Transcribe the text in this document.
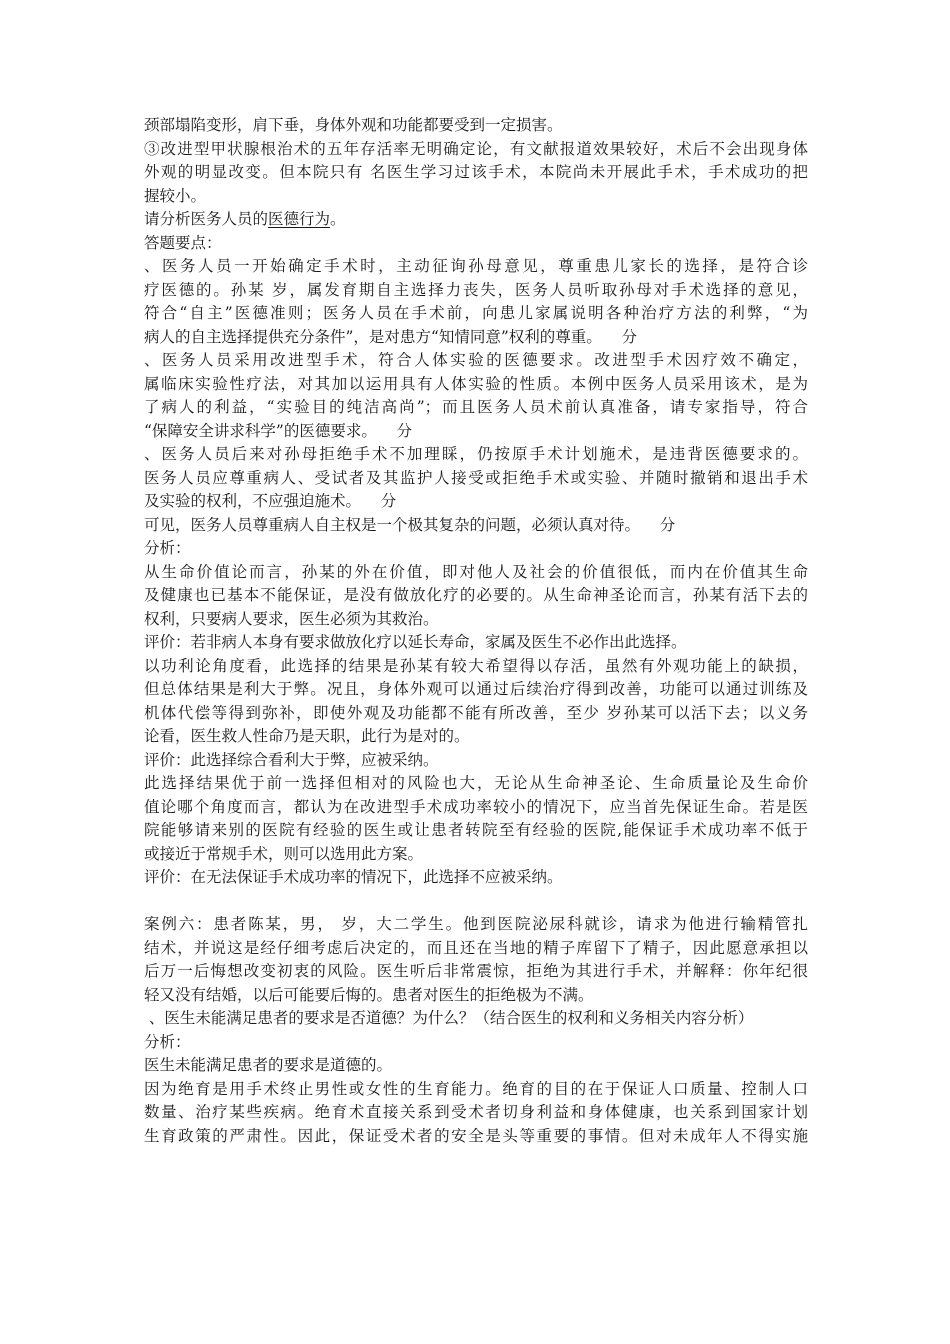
颈部塌陷变形，肩下垂，身体外观和功能都要受到一定损害。
③改进型甲状腺根治术的五年存活率无明确定论，有文献报道效果较好，术后不会出现身体
外观的明显改变。但本院只有 名医生学习过该手术，本院尚未开展此手术，手术成功的把
握较小。
请分析医务人员的医德行为。
答题要点：
、医务人员一开始确定手术时，主动征询孙母意见，尊重患儿家长的选择，是符合诊
疗医德的。孙某 岁，属发育期自主选择力丧失，医务人员听取孙母对手术选择的意见，
符合“自主”医德准则；医务人员在手术前，向患儿家属说明各种治疗方法的利弊，“为
病人的自主选择提供充分条件”，是对患方“知情同意”权利的尊重。    分
、医务人员采用改进型手术，符合人体实验的医德要求。改进型手术因疗效不确定，
属临床实验性疗法，对其加以运用具有人体实验的性质。本例中医务人员采用该术，是为
了病人的利益，“实验目的纯洁高尚”；而且医务人员术前认真准备，请专家指导，符合
“保障安全讲求科学”的医德要求。    分
、医务人员后来对孙母拒绝手术不加理睬，仍按原手术计划施术，是违背医德要求的。
医务人员应尊重病人、受试者及其监护人接受或拒绝手术或实验、并随时撤销和退出手术
及实验的权利，不应强迫施术。    分
可见，医务人员尊重病人自主权是一个极其复杂的问题，必须认真对待。    分
分析：
从生命价值论而言，孙某的外在价值，即对他人及社会的价值很低，而内在价值其生命
及健康也已基本不能保证，是没有做放化疗的必要的。从生命神圣论而言，孙某有活下去的
权利，只要病人要求，医生必须为其救治。
评价：若非病人本身有要求做放化疗以延长寿命，家属及医生不必作出此选择。
以功利论角度看，此选择的结果是孙某有较大希望得以存活，虽然有外观功能上的缺损，
但总体结果是利大于弊。况且，身体外观可以通过后续治疗得到改善，功能可以通过训练及
机体代偿等得到弥补，即使外观及功能都不能有所改善，至少 岁孙某可以活下去；以义务
论看，医生救人性命乃是天职，此行为是对的。
评价：此选择综合看利大于弊，应被采纳。
此选择结果优于前一选择但相对的风险也大，无论从生命神圣论、生命质量论及生命价
值论哪个角度而言，都认为在改进型手术成功率较小的情况下，应当首先保证生命。若是医
院能够请来别的医院有经验的医生或让患者转院至有经验的医院,能保证手术成功率不低于
或接近于常规手术，则可以选用此方案。
评价：在无法保证手术成功率的情况下，此选择不应被采纳。
案例六：患者陈某，男， 岁，大二学生。他到医院泌尿科就诊，请求为他进行输精管扎
结术，并说这是经仔细考虑后决定的，而且还在当地的精子库留下了精子，因此愿意承担以
后万一后悔想改变初衷的风险。医生听后非常震惊，拒绝为其进行手术，并解释：你年纪很
轻又没有结婚，以后可能要后悔的。患者对医生的拒绝极为不满。
、医生未能满足患者的要求是否道德？为什么？（结合医生的权利和义务相关内容分析）
分析：
医生未能满足患者的要求是道德的。
因为绝育是用手术终止男性或女性的生育能力。绝育的目的在于保证人口质量、控制人口
数量、治疗某些疾病。绝育术直接关系到受术者切身利益和身体健康，也关系到国家计划
生育政策的严肃性。因此，保证受术者的安全是头等重要的事情。但对未成年人不得实施
